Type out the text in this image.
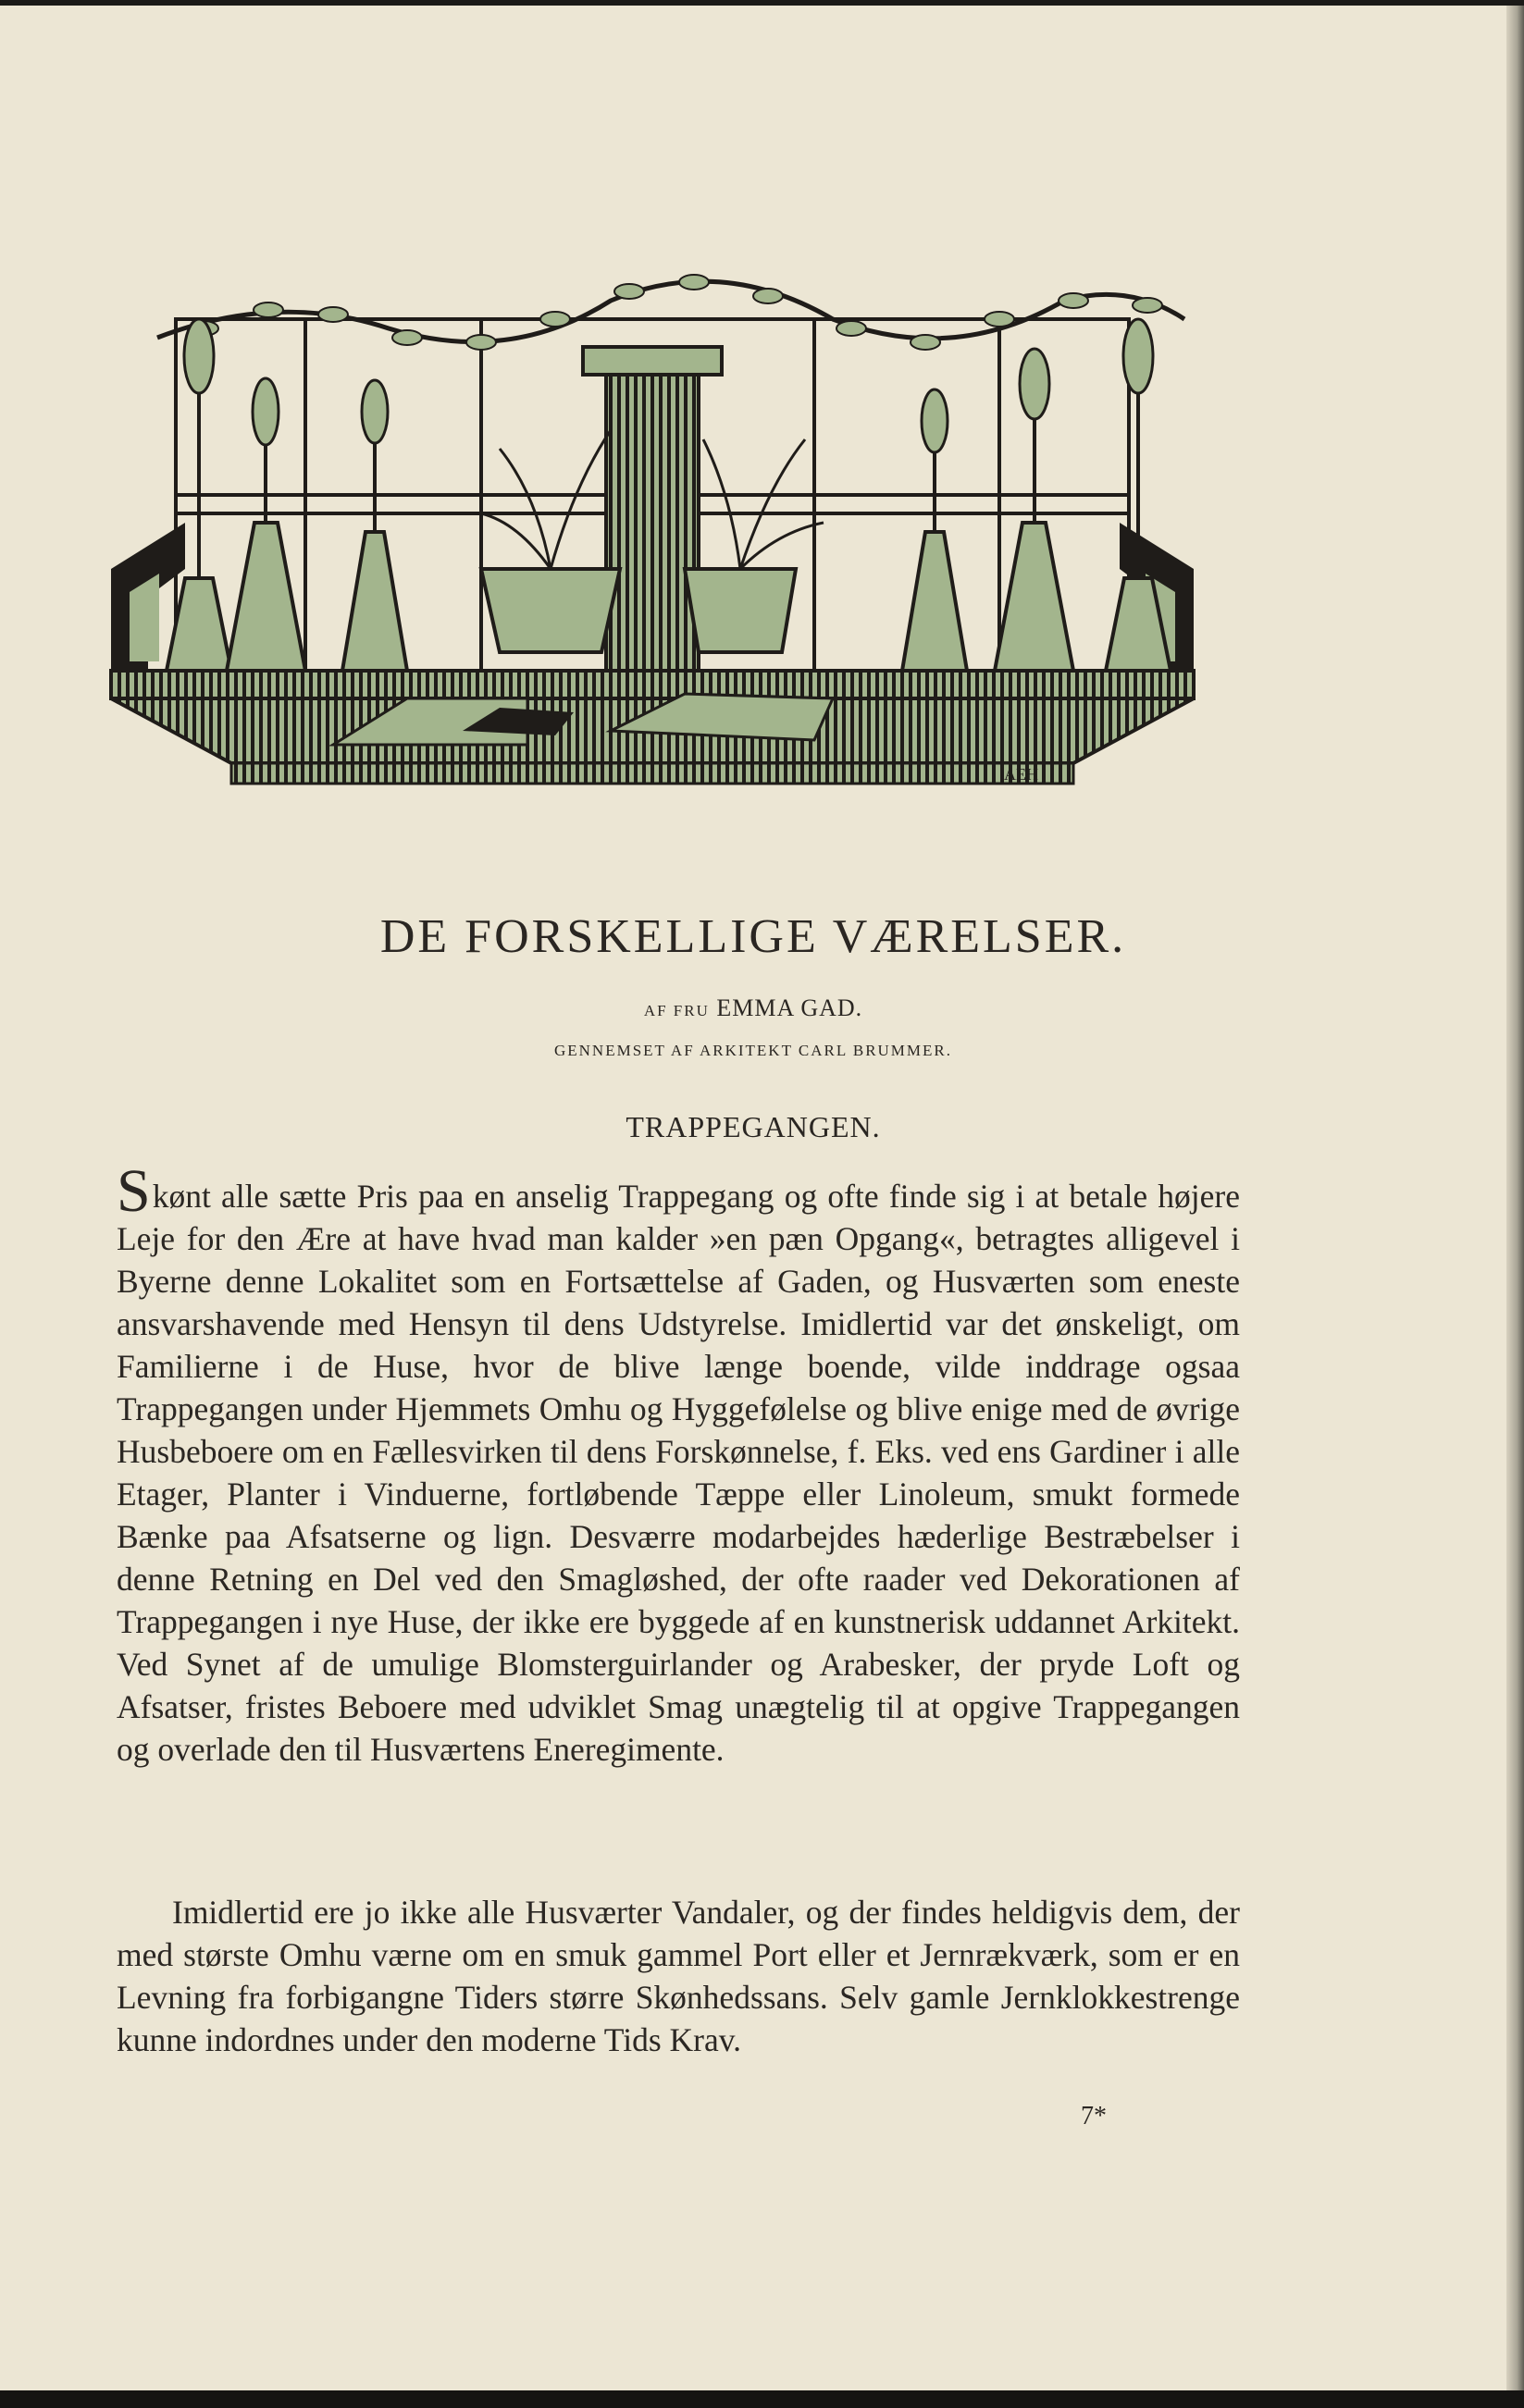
AEH
DE FORSKELLIGE VÆRELSER.
AF FRU EMMA GAD.
GENNEMSET AF ARKITEKT CARL BRUMMER.
TRAPPEGANGEN.
Skønt alle sætte Pris paa en anselig Trappegang og ofte finde sig i at betale højere Leje for den Ære at have hvad man kalder »en pæn Opgang«, betragtes alligevel i Byerne denne Lokalitet som en Fortsættelse af Gaden, og Husværten som eneste ansvarshavende med Hensyn til dens Udstyrelse. Imidlertid var det ønskeligt, om Familierne i de Huse, hvor de blive længe boende, vilde inddrage ogsaa Trappegangen under Hjemmets Omhu og Hyggefølelse og blive enige med de øvrige Husbeboere om en Fællesvirken til dens Forskønnelse, f. Eks. ved ens Gardiner i alle Etager, Planter i Vinduerne, fortløbende Tæppe eller Linoleum, smukt formede Bænke paa Afsatserne og lign. Desværre modarbejdes hæderlige Bestræbelser i denne Retning en Del ved den Smagløshed, der ofte raader ved Dekorationen af Trappegangen i nye Huse, der ikke ere byggede af en kunstnerisk uddannet Arkitekt. Ved Synet af de umulige Blomsterguirlander og Arabesker, der pryde Loft og Afsatser, fristes Beboere med udviklet Smag unægtelig til at opgive Trappegangen og overlade den til Husværtens Eneregimente.
Imidlertid ere jo ikke alle Husværter Vandaler, og der findes heldigvis dem, der med største Omhu værne om en smuk gammel Port eller et Jernrækværk, som er en Levning fra forbigangne Tiders større Skønhedssans. Selv gamle Jernklokkestrenge kunne indordnes under den moderne Tids Krav.
7*
